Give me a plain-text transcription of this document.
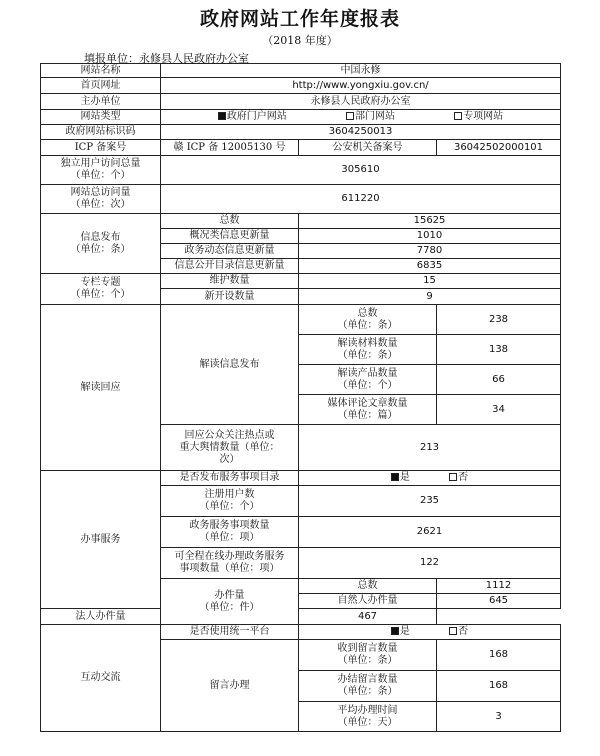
政府网站工作年度报表
（2018 年度）
填报单位：永修县人民政府办公室
网站名称	中国永修		
首页网址	http://www.yongxiu.gov.cn/		
主办单位	永修县人民政府办公室		
网站类型	政府门户网站 部门网站 专项网站		
政府网站标识码	3604250013		
ICP 备案号	赣 ICP 备 12005130 号	公安机关备案号	36042502000101

独立用户访问总量
（单位：个）	305610		

网站总访问量
（单位：次）	611220		

信息发布
（单位：条）	总数	15625	
	概况类信息更新量	1010	
	政务动态信息更新量	7780	
	信息公开目录信息更新量	6835	

专栏专题
（单位：个）	维护数量	15	
	新开设数量	9	
解读回应	解读信息发布	总数
（单位：条）	238

		解读材料数量
（单位：条）	138

		解读产品数量
（单位：个）	66

		媒体评论文章数量
（单位：篇）	34

	回应公众关注热点或
重大舆情数量（单位：
次）	213	
办事服务	是否发布服务事项目录	是 否	

	注册用户数
（单位：个）	235	

	政务服务事项数量
（单位：项）	2621	

	可全程在线办理政务服务
事项数量（单位：项）	122	

	办件量
（单位：件）	总数	1112
		自然人办件量	645
法人办件量		467	
互动交流	是否使用统一平台	是 否	
	留言办理	收到留言数量
（单位：条）	168

		办结留言数量
（单位：条）	168

		平均办理时间
（单位：天）	3
